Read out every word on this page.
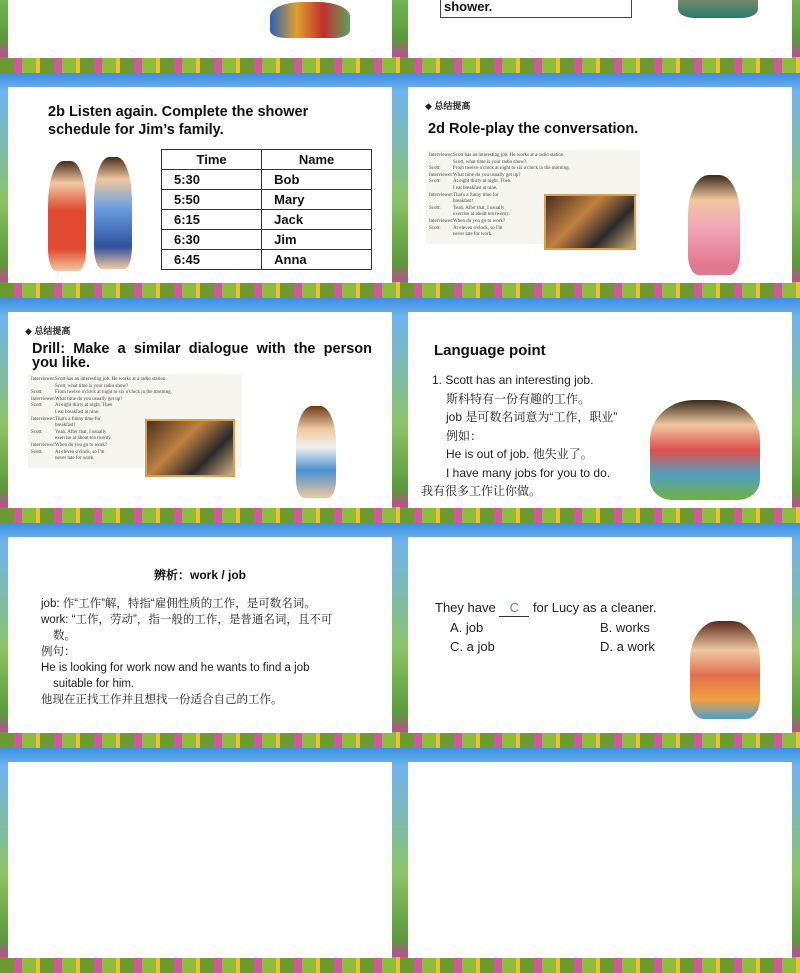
shower.
2b Listen again. Complete the shower schedule for Jim’s family.
Time	Name
5:30	Bob
5:50	Mary
6:15	Jack
6:30	Jim
6:45	Anna
◆ 总结提高
2d Role-play the conversation.
Interviewer: Scott has an interesting job. He works at a radio station.
Scott, what time is your radio show?
Scott:	From twelve o'clock at night to six o'clock in the morning.
Interviewer: What time do you usually get up?
Scott:	At eight thirty at night. Then
I eat breakfast at nine.
Interviewer: That's a funny time for
breakfast!
Scott:	Yeah. After that, I usually
exercise at about ten twenty.
Interviewer: When do you go to work?
Scott:	At eleven o'clock, so I'm
never late for work.
◆ 总结提高
Drill: Make a similar dialogue with the person you like.
Interviewer: Scott has an interesting job. He works at a radio station.
Scott, what time is your radio show?
Scott:	From twelve o'clock at night to six o'clock in the morning.
Interviewer: What time do you usually get up?
Scott:	At eight thirty at night. Then
I eat breakfast at nine.
Interviewer: That's a funny time for
breakfast!
Scott:	Yeah. After that, I usually
exercise at about ten twenty.
Interviewer: When do you go to work?
Scott:	At eleven o'clock, so I'm
never late for work.
Language point
1. Scott has an interesting job.
斯科特有一份有趣的工作。
job 是可数名词意为“工作，职业”
例如：
He is out of job. 他失业了。
I have many jobs for you to do.
我有很多工作让你做。
辨析：work / job
job: 作“工作”解，特指“雇佣性质的工作，是可数名词。
work: “工作，劳动”，指一般的工作，是普通名词，且不可
数。
例句：
He is looking for work now and he wants to find a job
suitable for him.
他现在正找工作并且想找一份适合自己的工作。
They have C for Lucy as a cleaner.
A. job	B. works
C. a job	D. a work
